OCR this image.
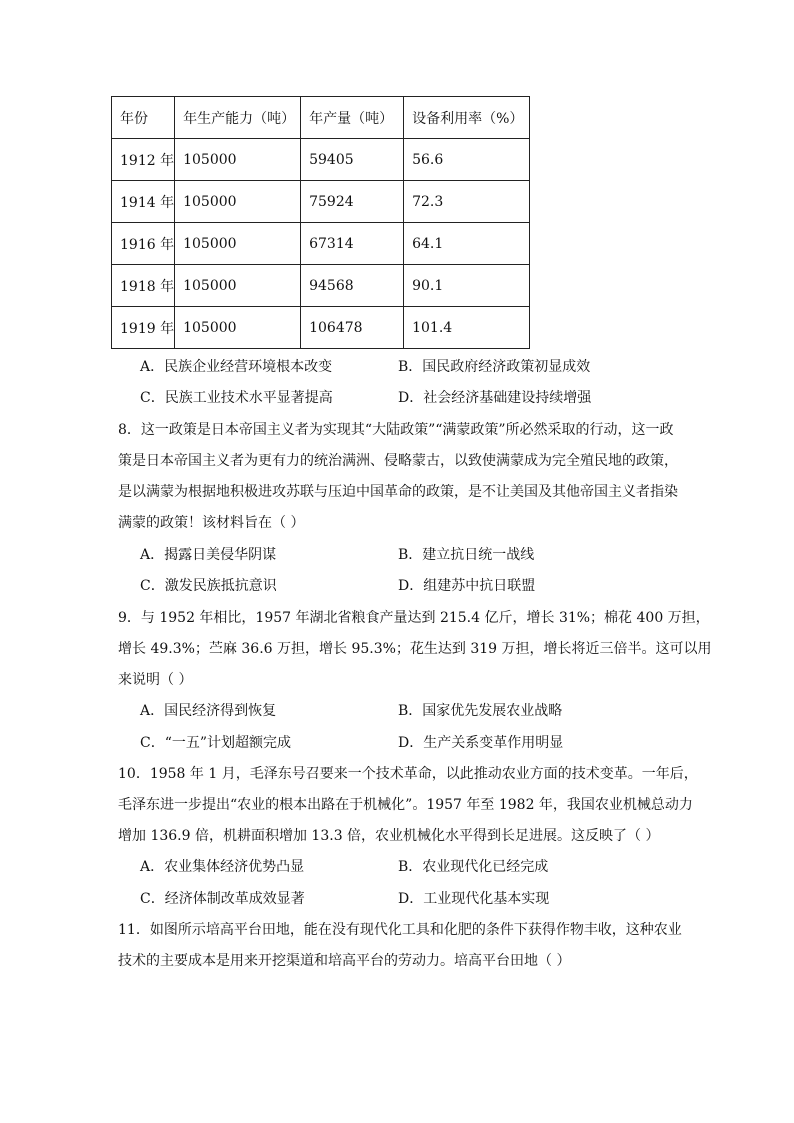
年份	年生产能力（吨）	年产量（吨）	设备利用率（%）
1912 年	105000	59405	56.6
1914 年	105000	75924	72.3
1916 年	105000	67314	64.1
1918 年	105000	94568	90.1
1919 年	105000	106478	101.4
A．民族企业经营环境根本改变	B．国民政府经济政策初显成效
C．民族工业技术水平显著提高	D．社会经济基础建设持续增强
8．这一政策是日本帝国主义者为实现其“大陆政策”“满蒙政策”所必然采取的行动，这一政
策是日本帝国主义者为更有力的统治满洲、侵略蒙古，以致使满蒙成为完全殖民地的政策，
是以满蒙为根据地积极进攻苏联与压迫中国革命的政策，是不让美国及其他帝国主义者指染
满蒙的政策！该材料旨在（ ）
A．揭露日美侵华阴谋	B．建立抗日统一战线
C．激发民族抵抗意识	D．组建苏中抗日联盟
9．与 1952 年相比，1957 年湖北省粮食产量达到 215.4 亿斤，增长 31%；棉花 400 万担，
增长 49.3%；苎麻 36.6 万担，增长 95.3%；花生达到 319 万担，增长将近三倍半。这可以用
来说明（ ）
A．国民经济得到恢复	B．国家优先发展农业战略
C．“一五”计划超额完成	D．生产关系变革作用明显
10．1958 年 1 月，毛泽东号召要来一个技术革命，以此推动农业方面的技术变革。一年后，
毛泽东进一步提出“农业的根本出路在于机械化”。1957 年至 1982 年，我国农业机械总动力
增加 136.9 倍，机耕面积增加 13.3 倍，农业机械化水平得到长足进展。这反映了（ ）
A．农业集体经济优势凸显	B．农业现代化已经完成
C．经济体制改革成效显著	D．工业现代化基本实现
11．如图所示培高平台田地，能在没有现代化工具和化肥的条件下获得作物丰收，这种农业
技术的主要成本是用来开挖渠道和培高平台的劳动力。培高平台田地（ ）
